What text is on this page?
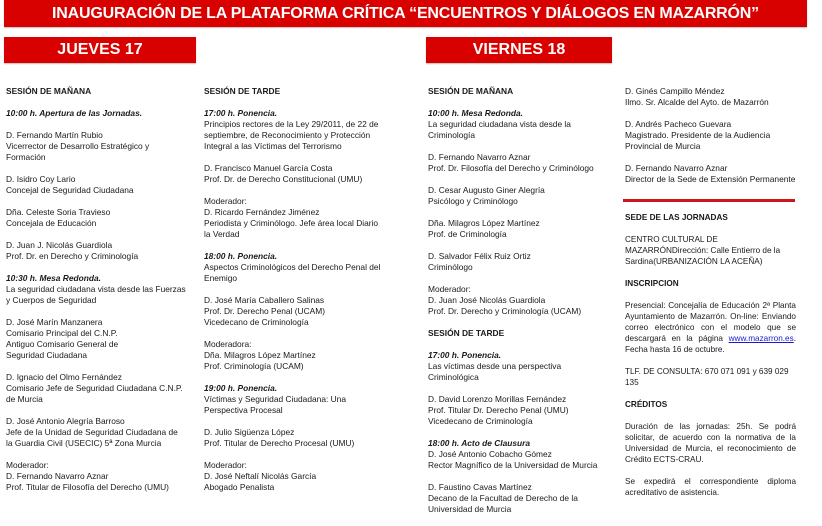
INAUGURACIÓN DE LA PLATAFORMA CRÍTICA “ENCUENTROS Y DIÁLOGOS EN MAZARRÓN”
JUEVES 17	VIERNES 18

SESIÓN DE MAÑANA

10:00 h. Apertura de las Jornadas.

D. Fernando Martín Rubio
Vicerrector de Desarrollo Estratégico y
Formación

D. Isidro Coy Lario
Concejal de Seguridad Ciudadana

Dña. Celeste Soria Travieso
Concejala de Educación

D. Juan J. Nicolás Guardiola
Prof. Dr. en Derecho y Criminología

10:30 h. Mesa Redonda.
La seguridad ciudadana vista desde las Fuerzas
y Cuerpos de Seguridad

D. José Marín Manzanera
Comisario Principal del C.N.P.
Antiguo Comisario General de
Seguridad Ciudadana

D. Ignacio del Olmo Fernández
Comisario Jefe de Seguridad Ciudadana C.N.P.
de Murcia

D. José Antonio Alegría Barroso
Jefe de la Unidad de Seguridad Ciudadana de
la Guardia Civil (USECIC) 5ª Zona Murcia

Moderador:
D. Fernando Navarro Aznar
Prof. Titular de Filosofía del Derecho (UMU)

SESIÓN DE TARDE

17:00 h. Ponencia.
Principios rectores de la Ley 29/2011, de 22 de
septiembre, de Reconocimiento y Protección
Integral a las Víctimas del Terrorismo

D. Francisco Manuel García Costa
Prof. Dr. de Derecho Constitucional (UMU)

Moderador:
D. Ricardo Fernández Jiménez
Periodista y Criminólogo. Jefe área local Diario
la Verdad

18:00 h. Ponencia.
Aspectos Criminológicos del Derecho Penal del
Enemigo

D. José María Caballero Salinas
Prof. Dr. Derecho Penal (UCAM)
Vicedecano de Criminología

Moderadora:
Dña. Milagros López Martínez
Prof. Criminología (UCAM)

19:00 h. Ponencia.
Víctimas y Seguridad Ciudadana: Una
Perspectiva Procesal

D. Julio Sigüenza López
Prof. Titular de Derecho Procesal (UMU)

Moderador:
D. José Neftalí Nicolás García
Abogado Penalista

SESIÓN DE MAÑANA

10:00 h. Mesa Redonda.
La seguridad ciudadana vista desde la
Criminología

D. Fernando Navarro Aznar
Prof. Dr. Filosofía del Derecho y Criminólogo

D. Cesar Augusto Giner Alegría
Psicólogo y Criminólogo

Dña. Milagros López Martínez
Prof. de Criminología

D. Salvador Félix Ruiz Ortiz
Criminólogo

Moderador:
D. Juan José Nicolás Guardiola
Prof. Dr. Derecho y Criminología (UCAM)

SESIÓN DE TARDE

17:00 h. Ponencia.
Las víctimas desde una perspectiva
Criminológica

D. David Lorenzo Morillas Fernández
Prof. Titular Dr. Derecho Penal (UMU)
Vicedecano de Criminología

18:00 h. Acto de Clausura
D. José Antonio Cobacho Gómez
Rector Magnífico de la Universidad de Murcia

D. Faustino Cavas Martínez
Decano de la Facultad de Derecho de la
Universidad de Murcia

D. Ginés Campillo Méndez
Ilmo. Sr. Alcalde del Ayto. de Mazarrón

D. Andrés Pacheco Guevara
Magistrado. Presidente de la Audiencia
Provincial de Murcia

D. Fernando Navarro Aznar
Director de la Sede de Extensión Permanente

SEDE DE LAS JORNADAS

CENTRO CULTURAL DE MAZARRÓNDirección: Calle Entierro de la Sardina(URBANIZACIÓN LA ACEÑA)

INSCRIPCION

Presencial: Concejalía de Educación 2ª Planta Ayuntamiento de Mazarrón. On-line: Enviando correo electrónico con el modelo que se descargará en la página www.mazarron.es. Fecha hasta 16 de octubre.

TLF. DE CONSULTA: 670 071 091 y 639 029 135

CRÉDITOS

Duración de las jornadas: 25h. Se podrá solicitar, de acuerdo con la normativa de la Universidad de Murcia, el reconocimiento de Crédito ECTS-CRAU.

Se expedirá el correspondiente diploma acreditativo de asistencia.
